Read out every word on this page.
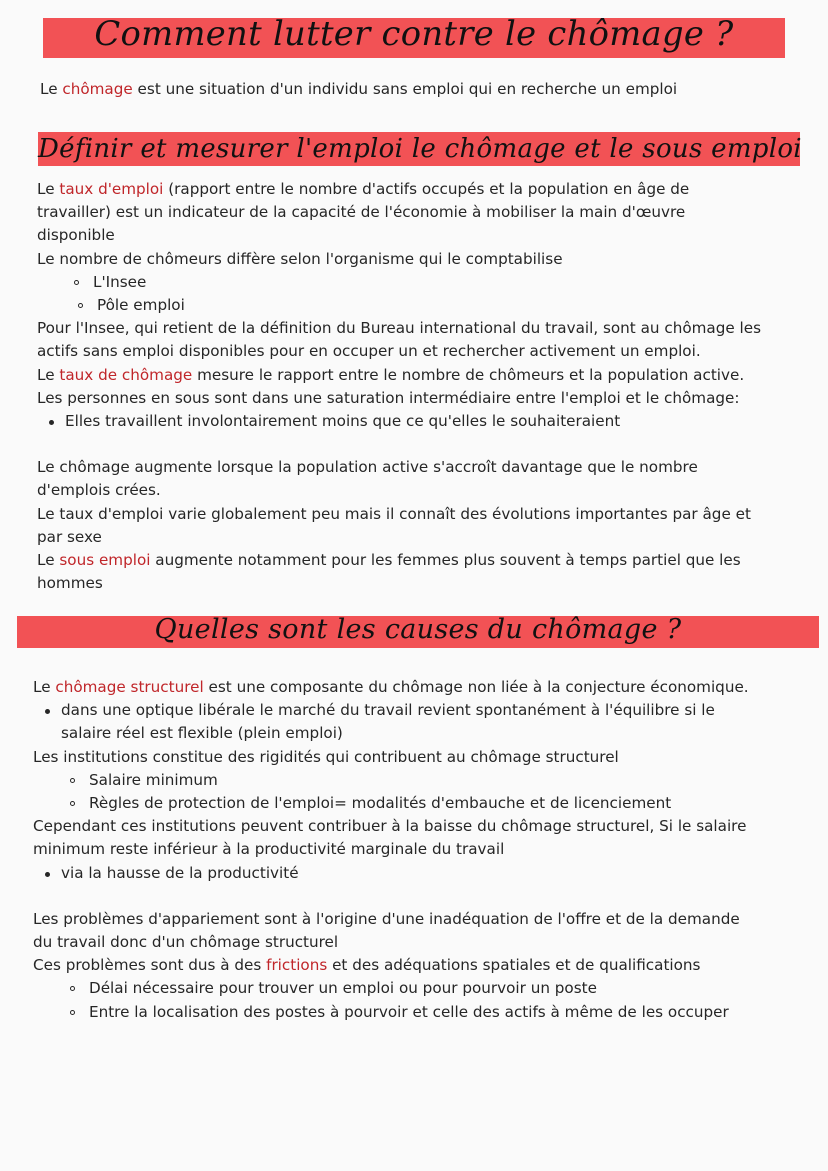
Comment lutter contre le chômage ?
Le chômage est une situation d'un individu sans emploi qui en recherche un emploi
Définir et mesurer l'emploi le chômage et le sous emploi
Le taux d'emploi (rapport entre le nombre d'actifs occupés et la population en âge de
travailler) est un indicateur de la capacité de l'économie à mobiliser la main d'œuvre
disponible
Le nombre de chômeurs diffère selon l'organisme qui le comptabilise
L'Insee
Pôle emploi
Pour l'Insee, qui retient de la définition du Bureau international du travail, sont au chômage les
actifs sans emploi disponibles pour en occuper un et rechercher activement un emploi.
Le taux de chômage mesure le rapport entre le nombre de chômeurs et la population active.
Les personnes en sous sont dans une saturation intermédiaire entre l'emploi et le chômage:
Elles travaillent involontairement moins que ce qu'elles le souhaiteraient
Le chômage augmente lorsque la population active s'accroît davantage que le nombre
d'emplois crées.
Le taux d'emploi varie globalement peu mais il connaît des évolutions importantes par âge et
par sexe
Le sous emploi augmente notamment pour les femmes plus souvent à temps partiel que les
hommes
Quelles sont les causes du chômage ?
Le chômage structurel est une composante du chômage non liée à la conjecture économique.
dans une optique libérale le marché du travail revient spontanément à l'équilibre si le
salaire réel est flexible (plein emploi)
Les institutions constitue des rigidités qui contribuent au chômage structurel
Salaire minimum
Règles de protection de l'emploi= modalités d'embauche et de licenciement
Cependant ces institutions peuvent contribuer à la baisse du chômage structurel, Si le salaire
minimum reste inférieur à la productivité marginale du travail
via la hausse de la productivité
Les problèmes d'appariement sont à l'origine d'une inadéquation de l'offre et de la demande
du travail donc d'un chômage structurel
Ces problèmes sont dus à des frictions et des adéquations spatiales et de qualifications
Délai nécessaire pour trouver un emploi ou pour pourvoir un poste
Entre la localisation des postes à pourvoir et celle des actifs à même de les occuper
